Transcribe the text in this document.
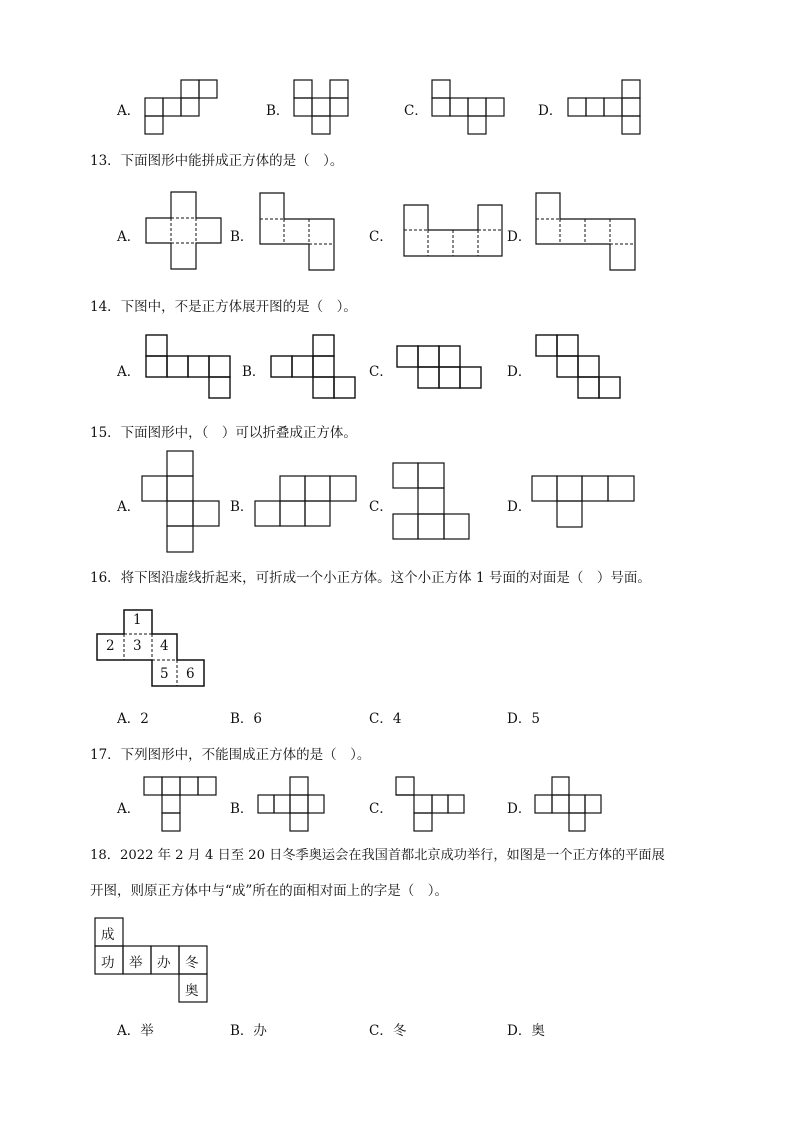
A．	B．	C．	D．
1
2 3 4
5 6
成
功 举 办 冬
奥
13．下面图形中能拼成正方体的是（　）。
A．	B．	C．	D．
14．下图中，不是正方体展开图的是（　）。
A．	B．	C．	D．
15．下面图形中，（　）可以折叠成正方体。
A．	B．	C．	D．
16．将下图沿虚线折起来，可折成一个小正方体。这个小正方体 1 号面的对面是（　）号面。
A．2	B．6	C．4	D．5
17．下列图形中，不能围成正方体的是（　）。
A．	B．	C．	D．
18．2022 年 2 月 4 日至 20 日冬季奥运会在我国首都北京成功举行，如图是一个正方体的平面展
开图，则原正方体中与“成”所在的面相对面上的字是（　）。
A．举	B．办	C．冬	D．奥
